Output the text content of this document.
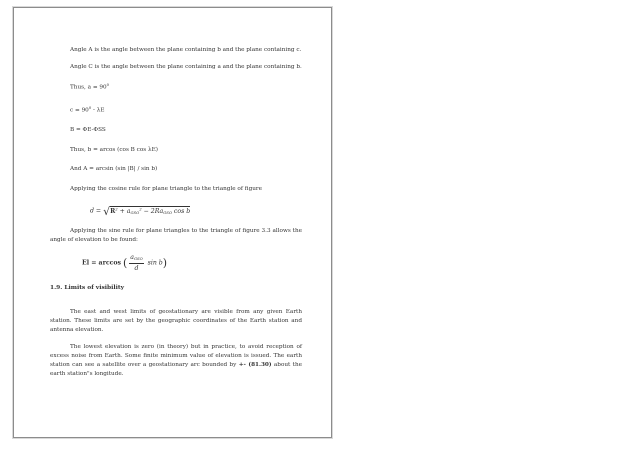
Angle A is the angle between the plane containing b and the plane containing c.

Angle C is the angle between the plane containing a and the plane containing b.

Thus, $a = 90^0$

$c = 90^0 - \lambda E$

B = ΦE-ΦSS

Thus, b = arcos (cos B cos λE)

And A = arcsin (sin |B| / sin b)

Applying the cosine rule for plane triangle to the triangle of figure

$d = √R^2 + a_{GSO}^2 - 2Ra_{GSO}$ cos b

Applying the sine rule for plane triangles to the triangle of figure 3.3 allows the angle of elevation to be found:

El = arccos ( $\frac{a_{GSO}}{d}$ sin b)

1.9. Limits of visibility

The east and west limits of geostationary are visible from any given Earth station. These limits are set by the geographic coordinates of the Earth station and antenna elevation.

The lowest elevation is zero (in theory) but in practice, to avoid reception of excess noise from Earth. Some finite minimum value of elevation is issued. The earth station can see a satellite over a geostationary arc bounded by +- (81.30) about the earth station"s longitude.
